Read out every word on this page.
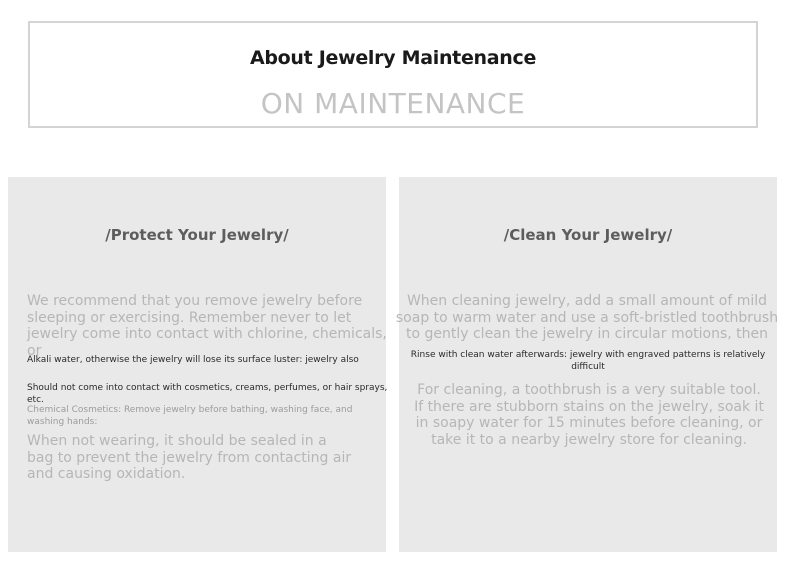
About Jewelry Maintenance
ON MAINTENANCE
/Protect Your Jewelry/
We recommend that you remove jewelry before sleeping or exercising. Remember never to let jewelry come into contact with chlorine, chemicals, or
Alkali water, otherwise the jewelry will lose its surface luster: jewelry also
Should not come into contact with cosmetics, creams, perfumes, or hair sprays, etc.
Chemical Cosmetics: Remove jewelry before bathing, washing face, and washing hands:
When not wearing, it should be sealed in a bag to prevent the jewelry from contacting air and causing oxidation.
/Clean Your Jewelry/
When cleaning jewelry, add a small amount of mild soap to warm water and use a soft-bristled toothbrush to gently clean the jewelry in circular motions, then
Rinse with clean water afterwards: jewelry with engraved patterns is relatively difficult
For cleaning, a toothbrush is a very suitable tool. If there are stubborn stains on the jewelry, soak it in soapy water for 15 minutes before cleaning, or take it to a nearby jewelry store for cleaning.
